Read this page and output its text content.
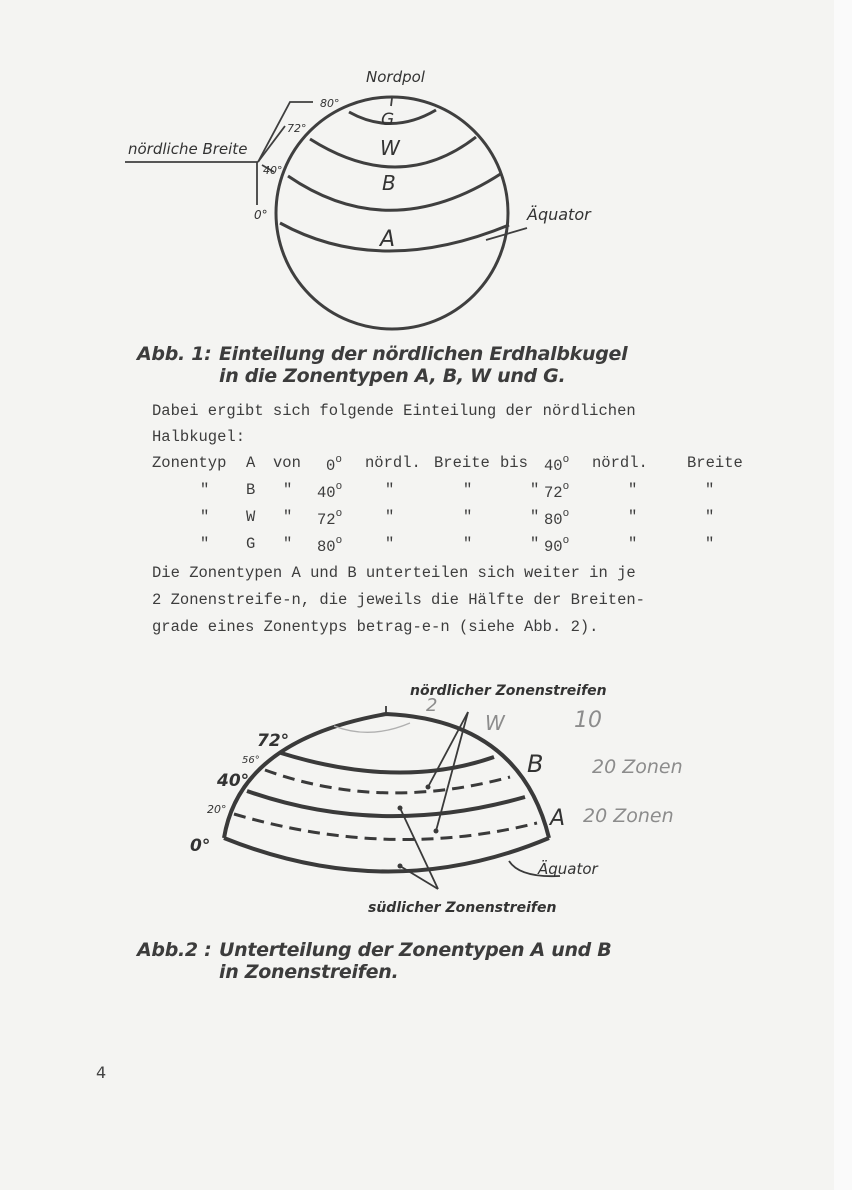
Nordpol
nördliche Breite
Äquator
G
W
B
A
80°
72°
40°
0°
nördlicher Zonenstreifen
südlicher Zonenstreifen
Äquator
B
A
72°
56°
40°
20°
0°
2
W	10
20 Zonen
20 Zonen
Abb. 1: Einteilung der nördlichen Erdhalbkugel
in die Zonentypen A, B, W und G.
Dabei ergibt sich folgende Einteilung der nördlichen
Halbkugel:
Zonentyp A von 0$^o$ nördl. Breite bis 40$^o$ nördl.	Breite
" B " 40$^o$	"	"	" 72$^o$	"	"
" W " 72$^o$	"	"	" 80$^o$	"	"
" G " 80$^o$	"	"	" 90$^o$	"	"
Die Zonentypen A und B unterteilen sich weiter in je
2 Zonenstreife-n, die jeweils die Hälfte der Breiten-
grade eines Zonentyps betrag-e-n (siehe Abb. 2).
Abb.2 : Unterteilung der Zonentypen A und B
in Zonenstreifen.
4
